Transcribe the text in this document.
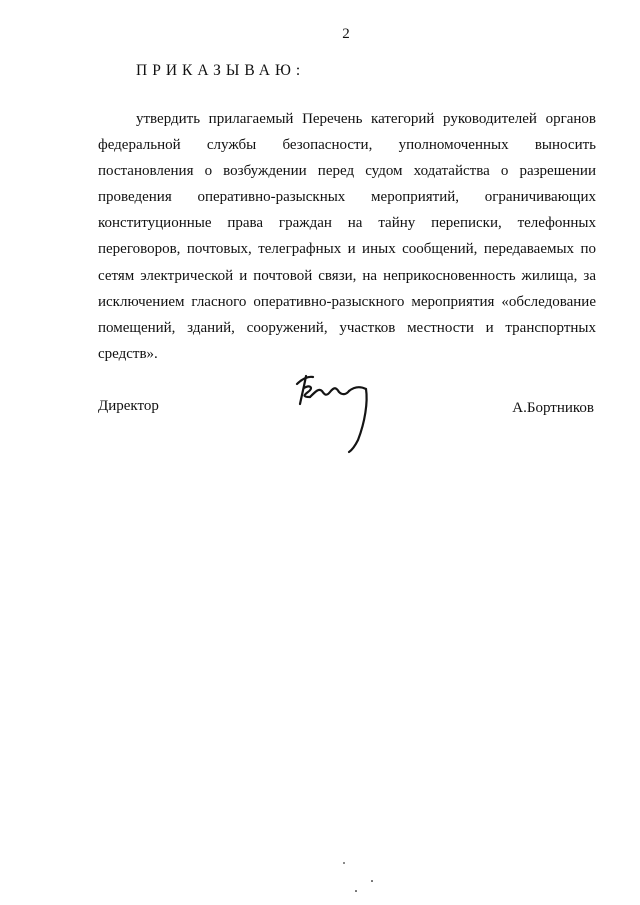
2
ПРИКАЗЫВАЮ:

утвердить прилагаемый Перечень категорий руководителей органов федеральной службы безопасности, уполномоченных выносить постановления о возбуждении перед судом ходатайства о разрешении проведения оперативно-разыскных мероприятий, ограничивающих конституционные права граждан на тайну переписки, телефонных переговоров, почтовых, телеграфных и иных сообщений, передаваемых по сетям электрической и почтовой связи, на неприкосновенность жилища, за исключением гласного оперативно-разыскного мероприятия «обследование помещений, зданий, сооружений, участков местности и транспортных средств».

Директор	А.Бортников
